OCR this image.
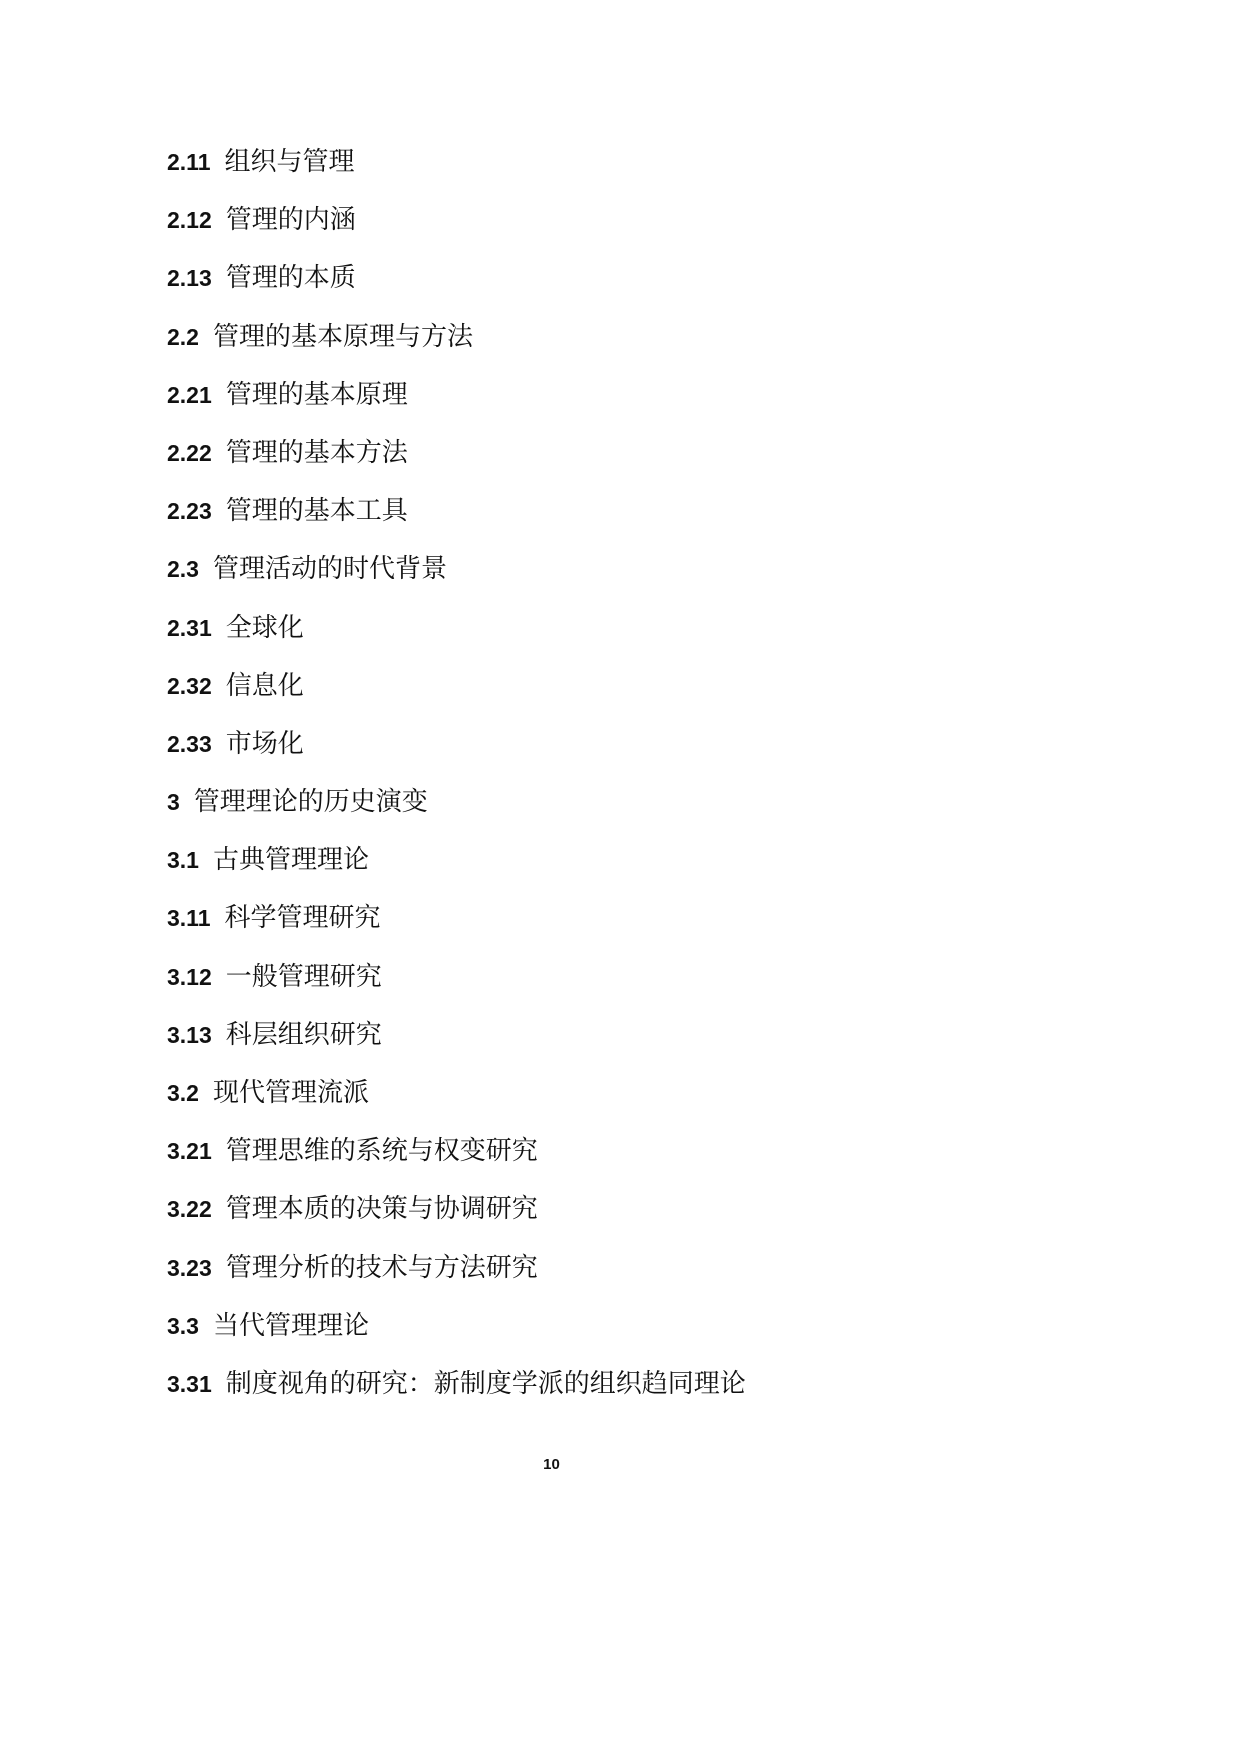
2.11 组织与管理
2.12 管理的内涵
2.13 管理的本质
2.2 管理的基本原理与方法
2.21 管理的基本原理
2.22 管理的基本方法
2.23 管理的基本工具
2.3 管理活动的时代背景
2.31 全球化
2.32 信息化
2.33 市场化
3 管理理论的历史演变
3.1 古典管理理论
3.11 科学管理研究
3.12 一般管理研究
3.13 科层组织研究
3.2 现代管理流派
3.21 管理思维的系统与权变研究
3.22 管理本质的决策与协调研究
3.23 管理分析的技术与方法研究
3.3 当代管理理论
3.31 制度视角的研究：新制度学派的组织趋同理论
10
